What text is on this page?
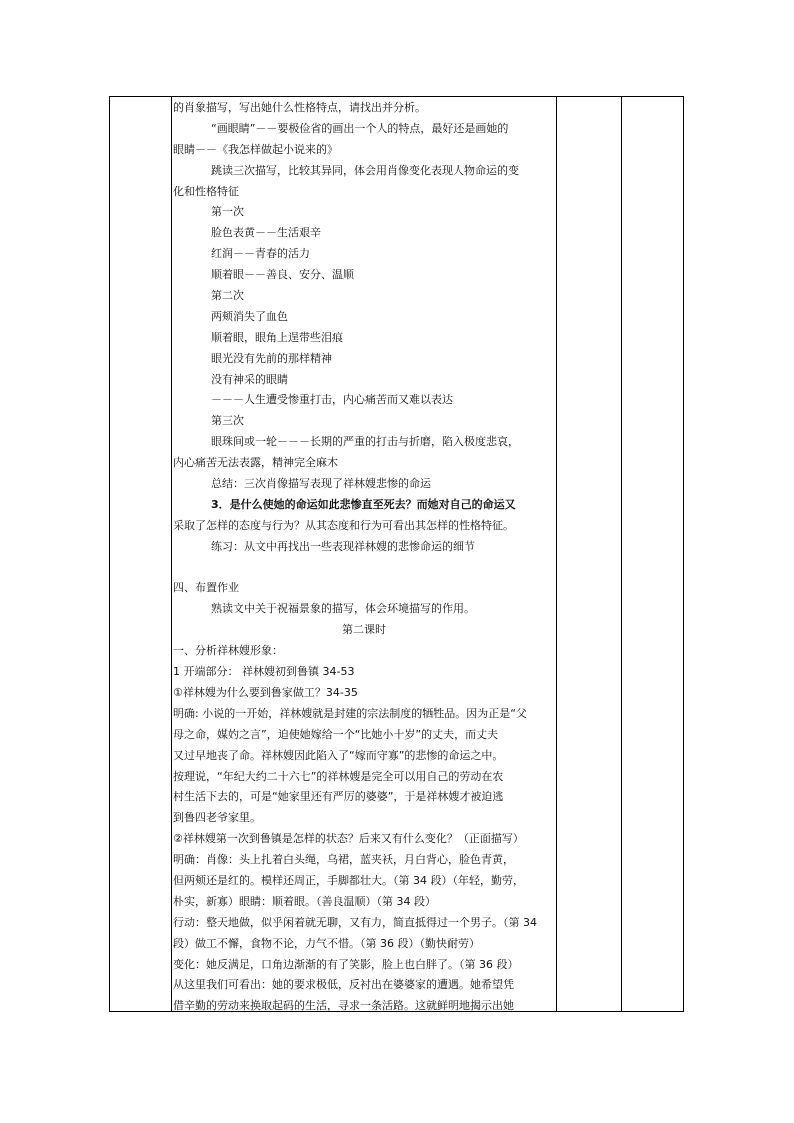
的肖象描写，写出她什么性格特点，请找出并分析。
“画眼睛”－－要极俭省的画出一个人的特点，最好还是画她的
眼睛－－《我怎样做起小说来的》
跳读三次描写，比较其异同，体会用肖像变化表现人物命运的变
化和性格特征
第一次
脸色表黄－－生活艰辛
红润－－青春的活力
顺着眼－－善良、安分、温顺
第二次
两颊消失了血色
顺着眼，眼角上逞带些泪痕
眼光没有先前的那样精神
没有神采的眼睛
－－－人生遭受惨重打击，内心痛苦而又难以表达
第三次
眼珠间或一轮－－－长期的严重的打击与折磨，陷入极度悲哀，
内心痛苦无法表露，精神完全麻木
总结：三次肖像描写表现了祥林嫂悲惨的命运
3．是什么使她的命运如此悲惨直至死去？而她对自己的命运又
采取了怎样的态度与行为？从其态度和行为可看出其怎样的性格特征。
练习：从文中再找出一些表现祥林嫂的悲惨命运的细节
四、布置作业
熟读文中关于祝福景象的描写，体会环境描写的作用。
第二课时
一、分析祥林嫂形象：
1 开端部分： 祥林嫂初到鲁镇 34-53
①祥林嫂为什么要到鲁家做工？34-35
明确: 小说的一开始，祥林嫂就是封建的宗法制度的牺牲品。因为正是“父
母之命，媒妁之言”，迫使她嫁给一个“比她小十岁”的丈夫，而丈夫
又过早地丧了命。祥林嫂因此陷入了“嫁而守寡”的悲惨的命运之中。
按理说，“年纪大约二十六七”的祥林嫂是完全可以用自己的劳动在农
村生活下去的，可是“她家里还有严厉的婆婆”，于是祥林嫂才被迫逃
到鲁四老爷家里。
②祥林嫂第一次到鲁镇是怎样的状态？后来又有什么变化？（正面描写）
明确：肖像：头上扎着白头绳，乌裙，蓝夹袄，月白背心，脸色青黄，
但两颊还是红的。模样还周正，手脚都壮大。（第 34 段）（年轻，勤劳，
朴实，新寡）眼睛：顺着眼。（善良温顺）（第 34 段）
行动：整天地做，似乎闲着就无聊，又有力，简直抵得过一个男子。（第 34
段）做工不懈，食物不论，力气不惜。（第 36 段）（勤快耐劳）
变化：她反满足，口角边渐渐的有了笑影，脸上也白胖了。（第 36 段）
从这里我们可看出：她的要求极低，反衬出在婆婆家的遭遇。她希望凭
借辛勤的劳动来换取起码的生活，寻求一条活路。这就鲜明地揭示出她
